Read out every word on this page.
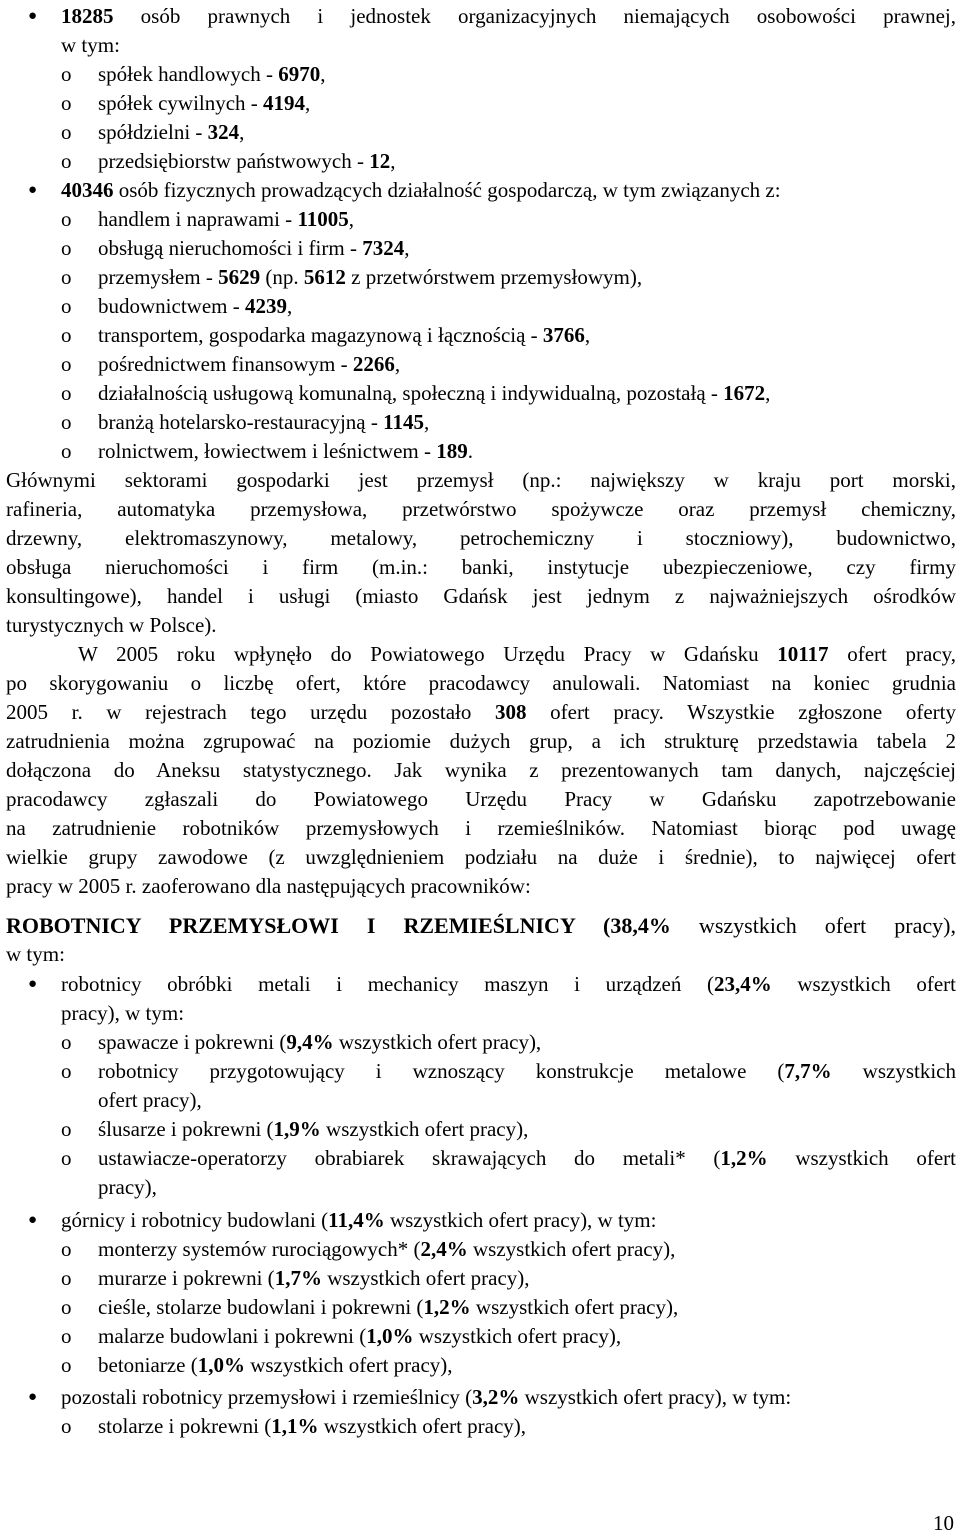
● 18285 osób prawnych i jednostek organizacyjnych niemających osobowości prawnej,
w tym:
o spółek handlowych - 6970,
o spółek cywilnych - 4194,
o spółdzielni - 324,
o przedsiębiorstw państwowych - 12,
● 40346 osób fizycznych prowadzących działalność gospodarczą, w tym związanych z:
o handlem i naprawami - 11005,
o obsługą nieruchomości i firm - 7324,
o przemysłem - 5629 (np. 5612 z przetwórstwem przemysłowym),
o budownictwem - 4239,
o transportem, gospodarka magazynową i łącznością - 3766,
o pośrednictwem finansowym - 2266,
o działalnością usługową komunalną, społeczną i indywidualną, pozostałą - 1672,
o branżą hotelarsko-restauracyjną - 1145,
o rolnictwem, łowiectwem i leśnictwem - 189.
Głównymi sektorami gospodarki jest przemysł (np.: największy w kraju port morski,
rafineria, automatyka przemysłowa, przetwórstwo spożywcze oraz przemysł chemiczny,
drzewny, elektromaszynowy, metalowy, petrochemiczny i stoczniowy), budownictwo,
obsługa nieruchomości i firm (m.in.: banki, instytucje ubezpieczeniowe, czy firmy
konsultingowe), handel i usługi (miasto Gdańsk jest jednym z najważniejszych ośrodków
turystycznych w Polsce).
W 2005 roku wpłynęło do Powiatowego Urzędu Pracy w Gdańsku 10117 ofert pracy,
po skorygowaniu o liczbę ofert, które pracodawcy anulowali. Natomiast na koniec grudnia
2005 r. w rejestrach tego urzędu pozostało 308 ofert pracy. Wszystkie zgłoszone oferty
zatrudnienia można zgrupować na poziomie dużych grup, a ich strukturę przedstawia tabela 2
dołączona do Aneksu statystycznego. Jak wynika z prezentowanych tam danych, najczęściej
pracodawcy zgłaszali do Powiatowego Urzędu Pracy w Gdańsku zapotrzebowanie
na zatrudnienie robotników przemysłowych i rzemieślników. Natomiast biorąc pod uwagę
wielkie grupy zawodowe (z uwzględnieniem podziału na duże i średnie), to najwięcej ofert
pracy w 2005 r. zaoferowano dla następujących pracowników:
ROBOTNICY PRZEMYSŁOWI I RZEMIEŚLNICY (38,4% wszystkich ofert pracy),
w tym:
● robotnicy obróbki metali i mechanicy maszyn i urządzeń (23,4% wszystkich ofert
pracy), w tym:
o spawacze i pokrewni (9,4% wszystkich ofert pracy),
o robotnicy przygotowujący i wznoszący konstrukcje metalowe (7,7% wszystkich
ofert pracy),
o ślusarze i pokrewni (1,9% wszystkich ofert pracy),
o ustawiacze-operatorzy obrabiarek skrawających do metali* (1,2% wszystkich ofert
pracy),
● górnicy i robotnicy budowlani (11,4% wszystkich ofert pracy), w tym:
o monterzy systemów rurociągowych* (2,4% wszystkich ofert pracy),
o murarze i pokrewni (1,7% wszystkich ofert pracy),
o cieśle, stolarze budowlani i pokrewni (1,2% wszystkich ofert pracy),
o malarze budowlani i pokrewni (1,0% wszystkich ofert pracy),
o betoniarze (1,0% wszystkich ofert pracy),
● pozostali robotnicy przemysłowi i rzemieślnicy (3,2% wszystkich ofert pracy), w tym:
o stolarze i pokrewni (1,1% wszystkich ofert pracy),
10
